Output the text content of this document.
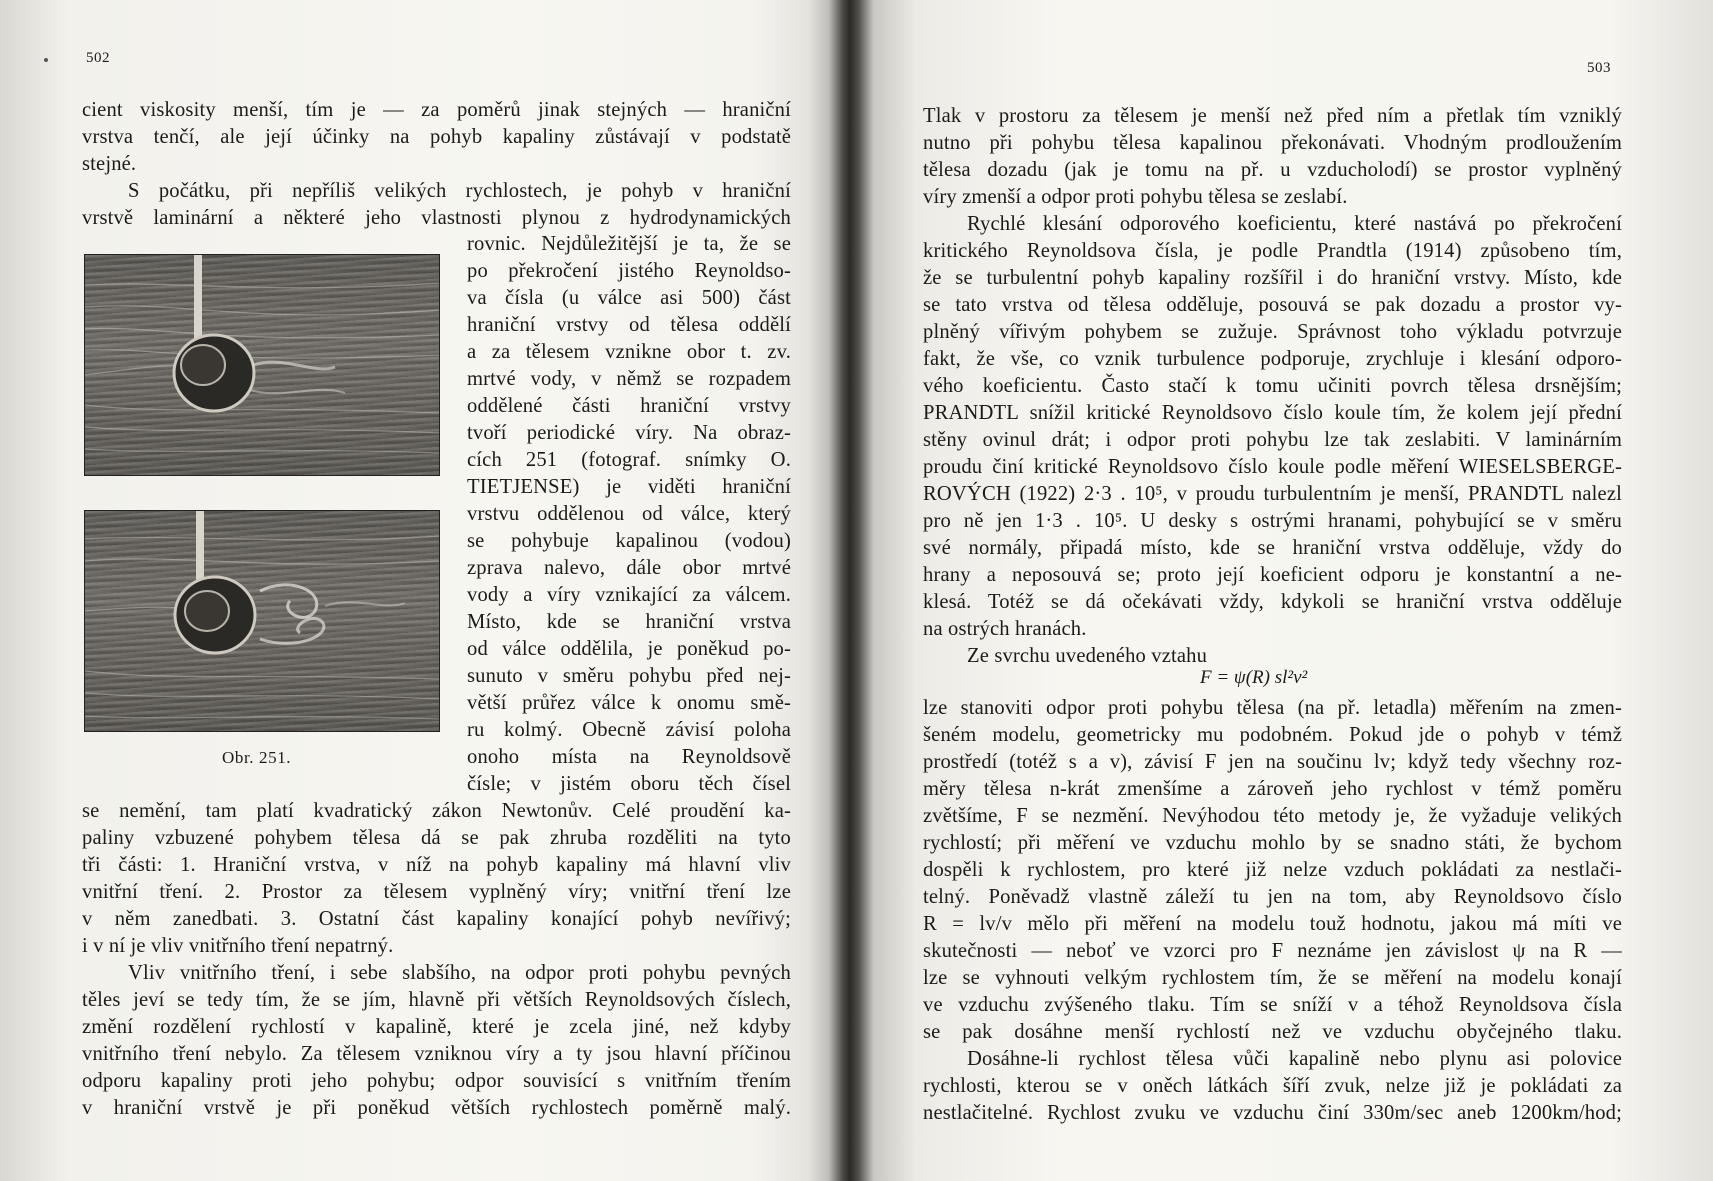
502
cient viskosity menší, tím je — za poměrů jinak stejných — hraniční
vrstva tenčí, ale její účinky na pohyb kapaliny zůstávají v podstatě
stejné.
S počátku, při nepříliš velikých rychlostech, je pohyb v hraniční
vrstvě laminární a některé jeho vlastnosti plynou z hydrodynamických
Obr. 251.
rovnic. Nejdůležitější je ta, že se
po překročení jistého Reynoldso-
va čísla (u válce asi 500) část
hraniční vrstvy od tělesa oddělí
a za tělesem vznikne obor t. zv.
mrtvé vody, v němž se rozpadem
oddělené části hraniční vrstvy
tvoří periodické víry. Na obraz-
cích 251 (fotograf. snímky O.
TIETJENSE) je viděti hraniční
vrstvu oddělenou od válce, který
se pohybuje kapalinou (vodou)
zprava nalevo, dále obor mrtvé
vody a víry vznikající za válcem.
Místo, kde se hraniční vrstva
od válce oddělila, je poněkud po-
sunuto v směru pohybu před nej-
větší průřez válce k onomu smě-
ru kolmý. Obecně závisí poloha
onoho místa na Reynoldsově
čísle; v jistém oboru těch čísel
se nemění, tam platí kvadratický zákon Newtonův. Celé proudění ka-
paliny vzbuzené pohybem tělesa dá se pak zhruba rozděliti na tyto
tři části: 1. Hraniční vrstva, v níž na pohyb kapaliny má hlavní vliv
vnitřní tření. 2. Prostor za tělesem vyplněný víry; vnitřní tření lze
v něm zanedbati. 3. Ostatní část kapaliny konající pohyb nevířivý;
i v ní je vliv vnitřního tření nepatrný.
Vliv vnitřního tření, i sebe slabšího, na odpor proti pohybu pevných
těles jeví se tedy tím, že se jím, hlavně při větších Reynoldsových číslech,
změní rozdělení rychlostí v kapalině, které je zcela jiné, než kdyby
vnitřního tření nebylo. Za tělesem vzniknou víry a ty jsou hlavní příčinou
odporu kapaliny proti jeho pohybu; odpor souvisící s vnitřním třením
v hraniční vrstvě je při poněkud větších rychlostech poměrně malý.
503
Tlak v prostoru za tělesem je menší než před ním a přetlak tím vzniklý
nutno při pohybu tělesa kapalinou překonávati. Vhodným prodloužením
tělesa dozadu (jak je tomu na př. u vzducholodí) se prostor vyplněný
víry zmenší a odpor proti pohybu tělesa se zeslabí.
Rychlé klesání odporového koeficientu, které nastává po překročení
kritického Reynoldsova čísla, je podle Prandtla (1914) způsobeno tím,
že se turbulentní pohyb kapaliny rozšířil i do hraniční vrstvy. Místo, kde
se tato vrstva od tělesa odděluje, posouvá se pak dozadu a prostor vy-
plněný vířivým pohybem se zužuje. Správnost toho výkladu potvrzuje
fakt, že vše, co vznik turbulence podporuje, zrychluje i klesání odporo-
vého koeficientu. Často stačí k tomu učiniti povrch tělesa drsnějším;
PRANDTL snížil kritické Reynoldsovo číslo koule tím, že kolem její přední
stěny ovinul drát; i odpor proti pohybu lze tak zeslabiti. V laminárním
proudu činí kritické Reynoldsovo číslo koule podle měření WIESELSBERGE-
ROVÝCH (1922) 2·3 . 10⁵, v proudu turbulentním je menší, PRANDTL nalezl
pro ně jen 1·3 . 10⁵. U desky s ostrými hranami, pohybující se v směru
své normály, připadá místo, kde se hraniční vrstva odděluje, vždy do
hrany a neposouvá se; proto její koeficient odporu je konstantní a ne-
klesá. Totéž se dá očekávati vždy, kdykoli se hraniční vrstva odděluje
na ostrých hranách.
Ze svrchu uvedeného vztahu
F = ψ(R) sl²v²
lze stanoviti odpor proti pohybu tělesa (na př. letadla) měřením na zmen-
šeném modelu, geometricky mu podobném. Pokud jde o pohyb v témž
prostředí (totéž s a v), závisí F jen na součinu lv; když tedy všechny roz-
měry tělesa n-krát zmenšíme a zároveň jeho rychlost v témž poměru
zvětšíme, F se nezmění. Nevýhodou této metody je, že vyžaduje velikých
rychlostí; při měření ve vzduchu mohlo by se snadno státi, že bychom
dospěli k rychlostem, pro které již nelze vzduch pokládati za nestlači-
telný. Poněvadž vlastně záleží tu jen na tom, aby Reynoldsovo číslo
R = lv/v mělo při měření na modelu touž hodnotu, jakou má míti ve
skutečnosti — neboť ve vzorci pro F neznáme jen závislost ψ na R —
lze se vyhnouti velkým rychlostem tím, že se měření na modelu konají
ve vzduchu zvýšeného tlaku. Tím se sníží v a téhož Reynoldsova čísla
se pak dosáhne menší rychlostí než ve vzduchu obyčejného tlaku.
Dosáhne-li rychlost tělesa vůči kapalině nebo plynu asi polovice
rychlosti, kterou se v oněch látkách šíří zvuk, nelze již je pokládati za
nestlačitelné. Rychlost zvuku ve vzduchu činí 330m/sec aneb 1200km/hod;
